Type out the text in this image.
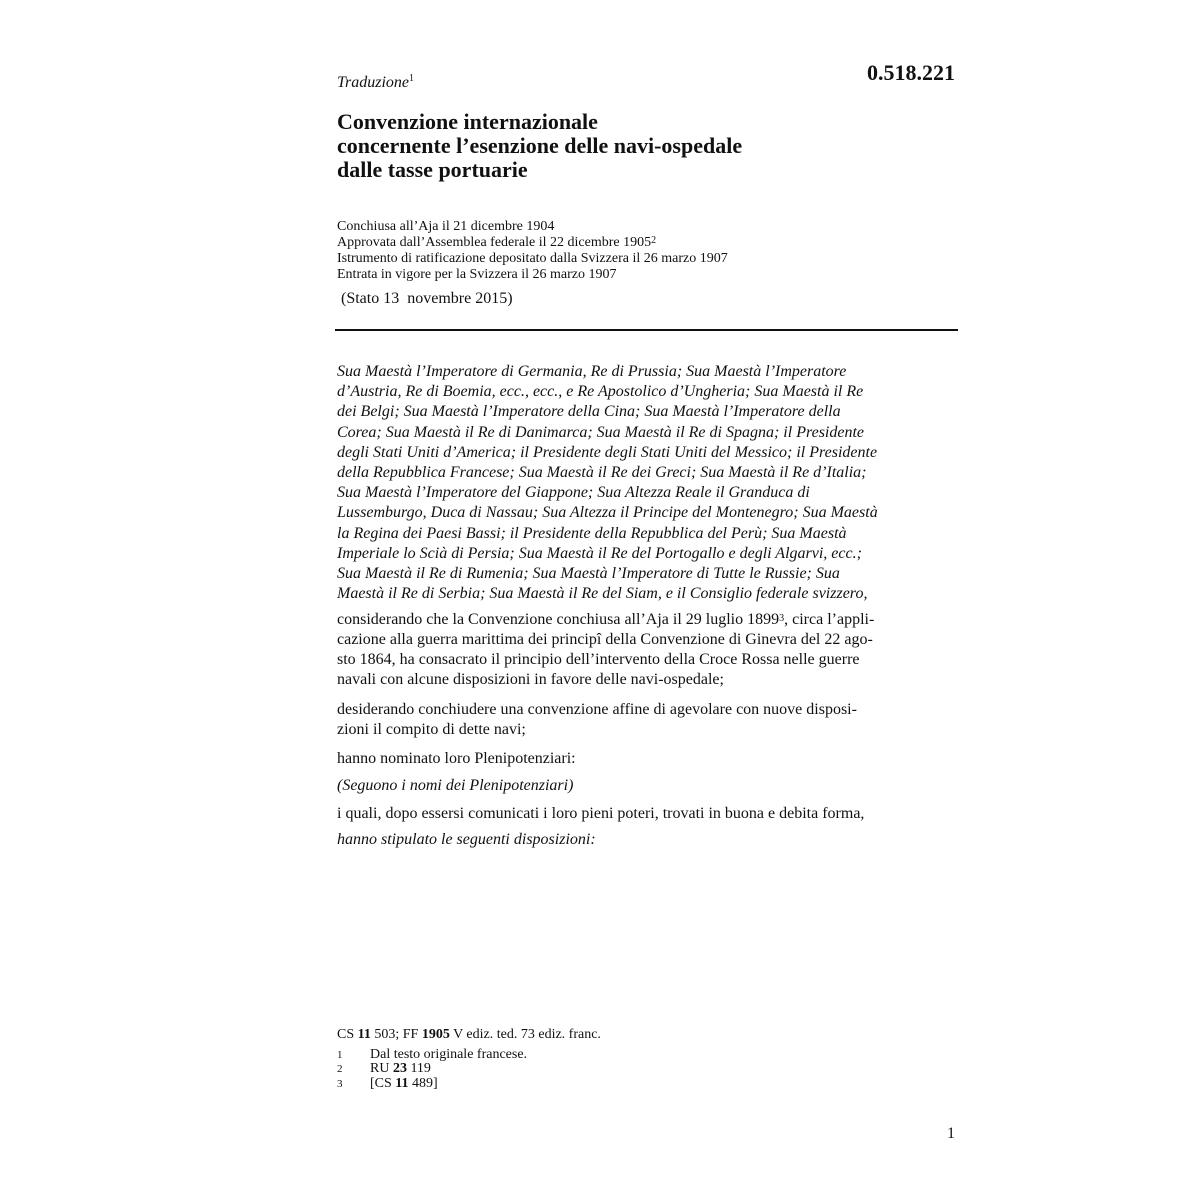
0.518.221
Traduzione$^1$
Convenzione internazionale
concernente l’esenzione delle navi-ospedale
dalle tasse portuarie
Conchiusa all’Aja il 21 dicembre 1904
Approvata dall’Assemblea federale il 22 dicembre 1905$^2$
Istrumento di ratificazione depositato dalla Svizzera il 26 marzo 1907
Entrata in vigore per la Svizzera il 26 marzo 1907
(Stato 13  novembre 2015)
Sua Maestà l’Imperatore di Germania, Re di Prussia; Sua Maestà l’Imperatore
d’Austria, Re di Boemia, ecc., ecc., e Re Apostolico d’Ungheria; Sua Maestà il Re
dei Belgi; Sua Maestà l’Imperatore della Cina; Sua Maestà l’Imperatore della
Corea; Sua Maestà il Re di Danimarca; Sua Maestà il Re di Spagna; il Presidente
degli Stati Uniti d’America; il Presidente degli Stati Uniti del Messico; il Presidente
della Repubblica Francese; Sua Maestà il Re dei Greci; Sua Maestà il Re d’Italia;
Sua Maestà l’Imperatore del Giappone; Sua Altezza Reale il Granduca di
Lussemburgo, Duca di Nassau; Sua Altezza il Principe del Montenegro; Sua Maestà
la Regina dei Paesi Bassi; il Presidente della Repubblica del Perù; Sua Maestà
Imperiale lo Scià di Persia; Sua Maestà il Re del Portogallo e degli Algarvi, ecc.;
Sua Maestà il Re di Rumenia; Sua Maestà l’Imperatore di Tutte le Russie; Sua
Maestà il Re di Serbia; Sua Maestà il Re del Siam, e il Consiglio federale svizzero,
considerando che la Convenzione conchiusa all’Aja il 29 luglio 1899$^3$, circa l’appli-
cazione alla guerra marittima dei principî della Convenzione di Ginevra del 22 ago-
sto 1864, ha consacrato il principio dell’intervento della Croce Rossa nelle guerre
navali con alcune disposizioni in favore delle navi-ospedale;
desiderando conchiudere una convenzione affine di agevolare con nuove disposi-
zioni il compito di dette navi;
hanno nominato loro Plenipotenziari:
(Seguono i nomi dei Plenipotenziari)
i quali, dopo essersi comunicati i loro pieni poteri, trovati in buona e debita forma,
hanno stipulato le seguenti disposizioni:
CS 11 503; FF 1905 V ediz. ted. 73 ediz. franc.
1	Dal testo originale francese.
2	RU 23 119
3	[CS 11 489]
1
